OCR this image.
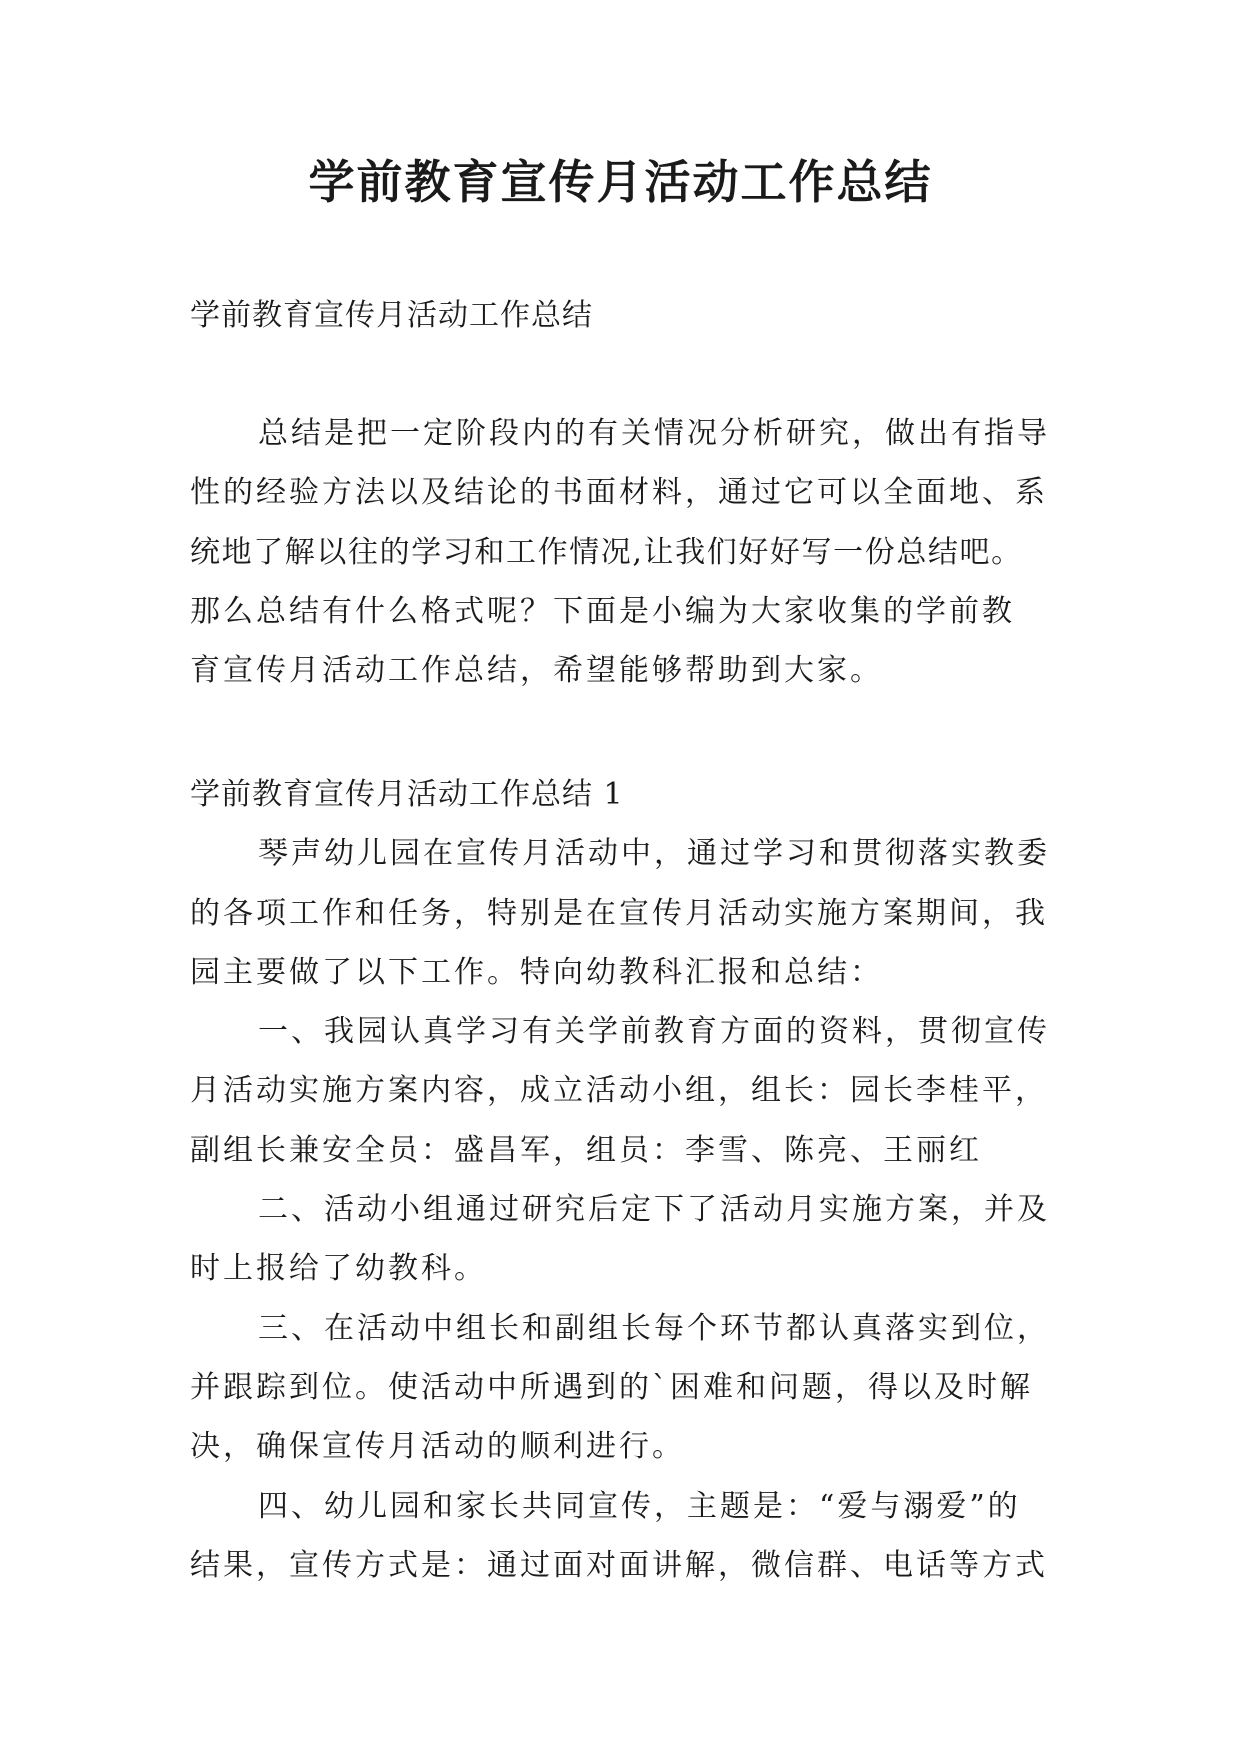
学前教育宣传月活动工作总结
学前教育宣传月活动工作总结
总结是把一定阶段内的有关情况分析研究，做出有指导
性的经验方法以及结论的书面材料，通过它可以全面地、系
统地了解以往的学习和工作情况,让我们好好写一份总结吧。
那么总结有什么格式呢？下面是小编为大家收集的学前教
育宣传月活动工作总结，希望能够帮助到大家。
学前教育宣传月活动工作总结 1
琴声幼儿园在宣传月活动中，通过学习和贯彻落实教委
的各项工作和任务，特别是在宣传月活动实施方案期间，我
园主要做了以下工作。特向幼教科汇报和总结：
一、我园认真学习有关学前教育方面的资料，贯彻宣传
月活动实施方案内容，成立活动小组，组长：园长李桂平，
副组长兼安全员：盛昌军，组员：李雪、陈亮、王丽红
二、活动小组通过研究后定下了活动月实施方案，并及
时上报给了幼教科。
三、在活动中组长和副组长每个环节都认真落实到位，
并跟踪到位。使活动中所遇到的`困难和问题，得以及时解
决，确保宣传月活动的顺利进行。
四、幼儿园和家长共同宣传，主题是：“爱与溺爱”的
结果，宣传方式是：通过面对面讲解，微信群、电话等方式
